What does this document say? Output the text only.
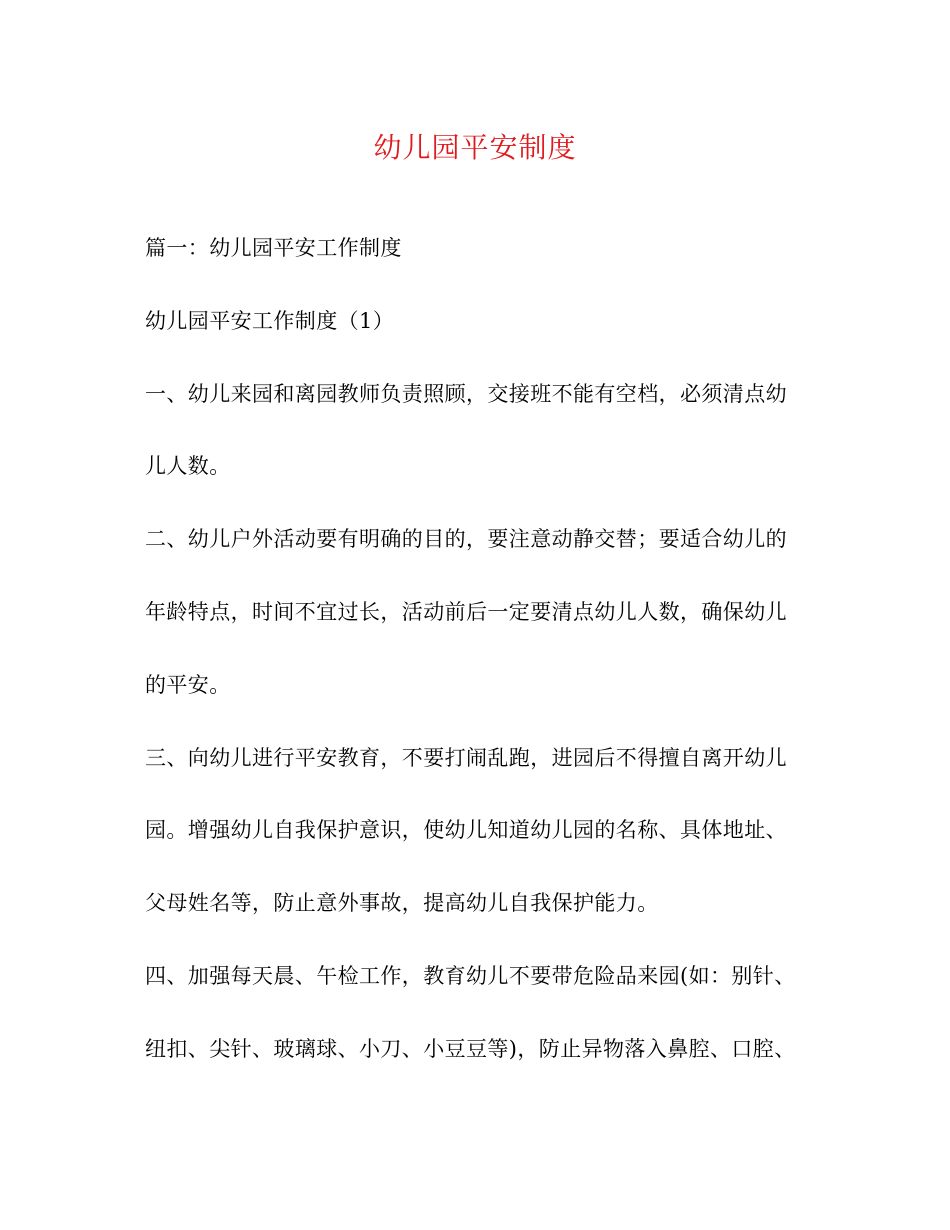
幼儿园平安制度
篇一：幼儿园平安工作制度
幼儿园平安工作制度（1）
一、幼儿来园和离园教师负责照顾，交接班不能有空档，必须清点幼
儿人数。
二、幼儿户外活动要有明确的目的，要注意动静交替；要适合幼儿的
年龄特点，时间不宜过长，活动前后一定要清点幼儿人数，确保幼儿
的平安。
三、向幼儿进行平安教育，不要打闹乱跑，进园后不得擅自离开幼儿
园。增强幼儿自我保护意识，使幼儿知道幼儿园的名称、具体地址、
父母姓名等，防止意外事故，提高幼儿自我保护能力。
四、加强每天晨、午检工作，教育幼儿不要带危险品来园(如：别针、
纽扣、尖针、玻璃球、小刀、小豆豆等)，防止异物落入鼻腔、口腔、
